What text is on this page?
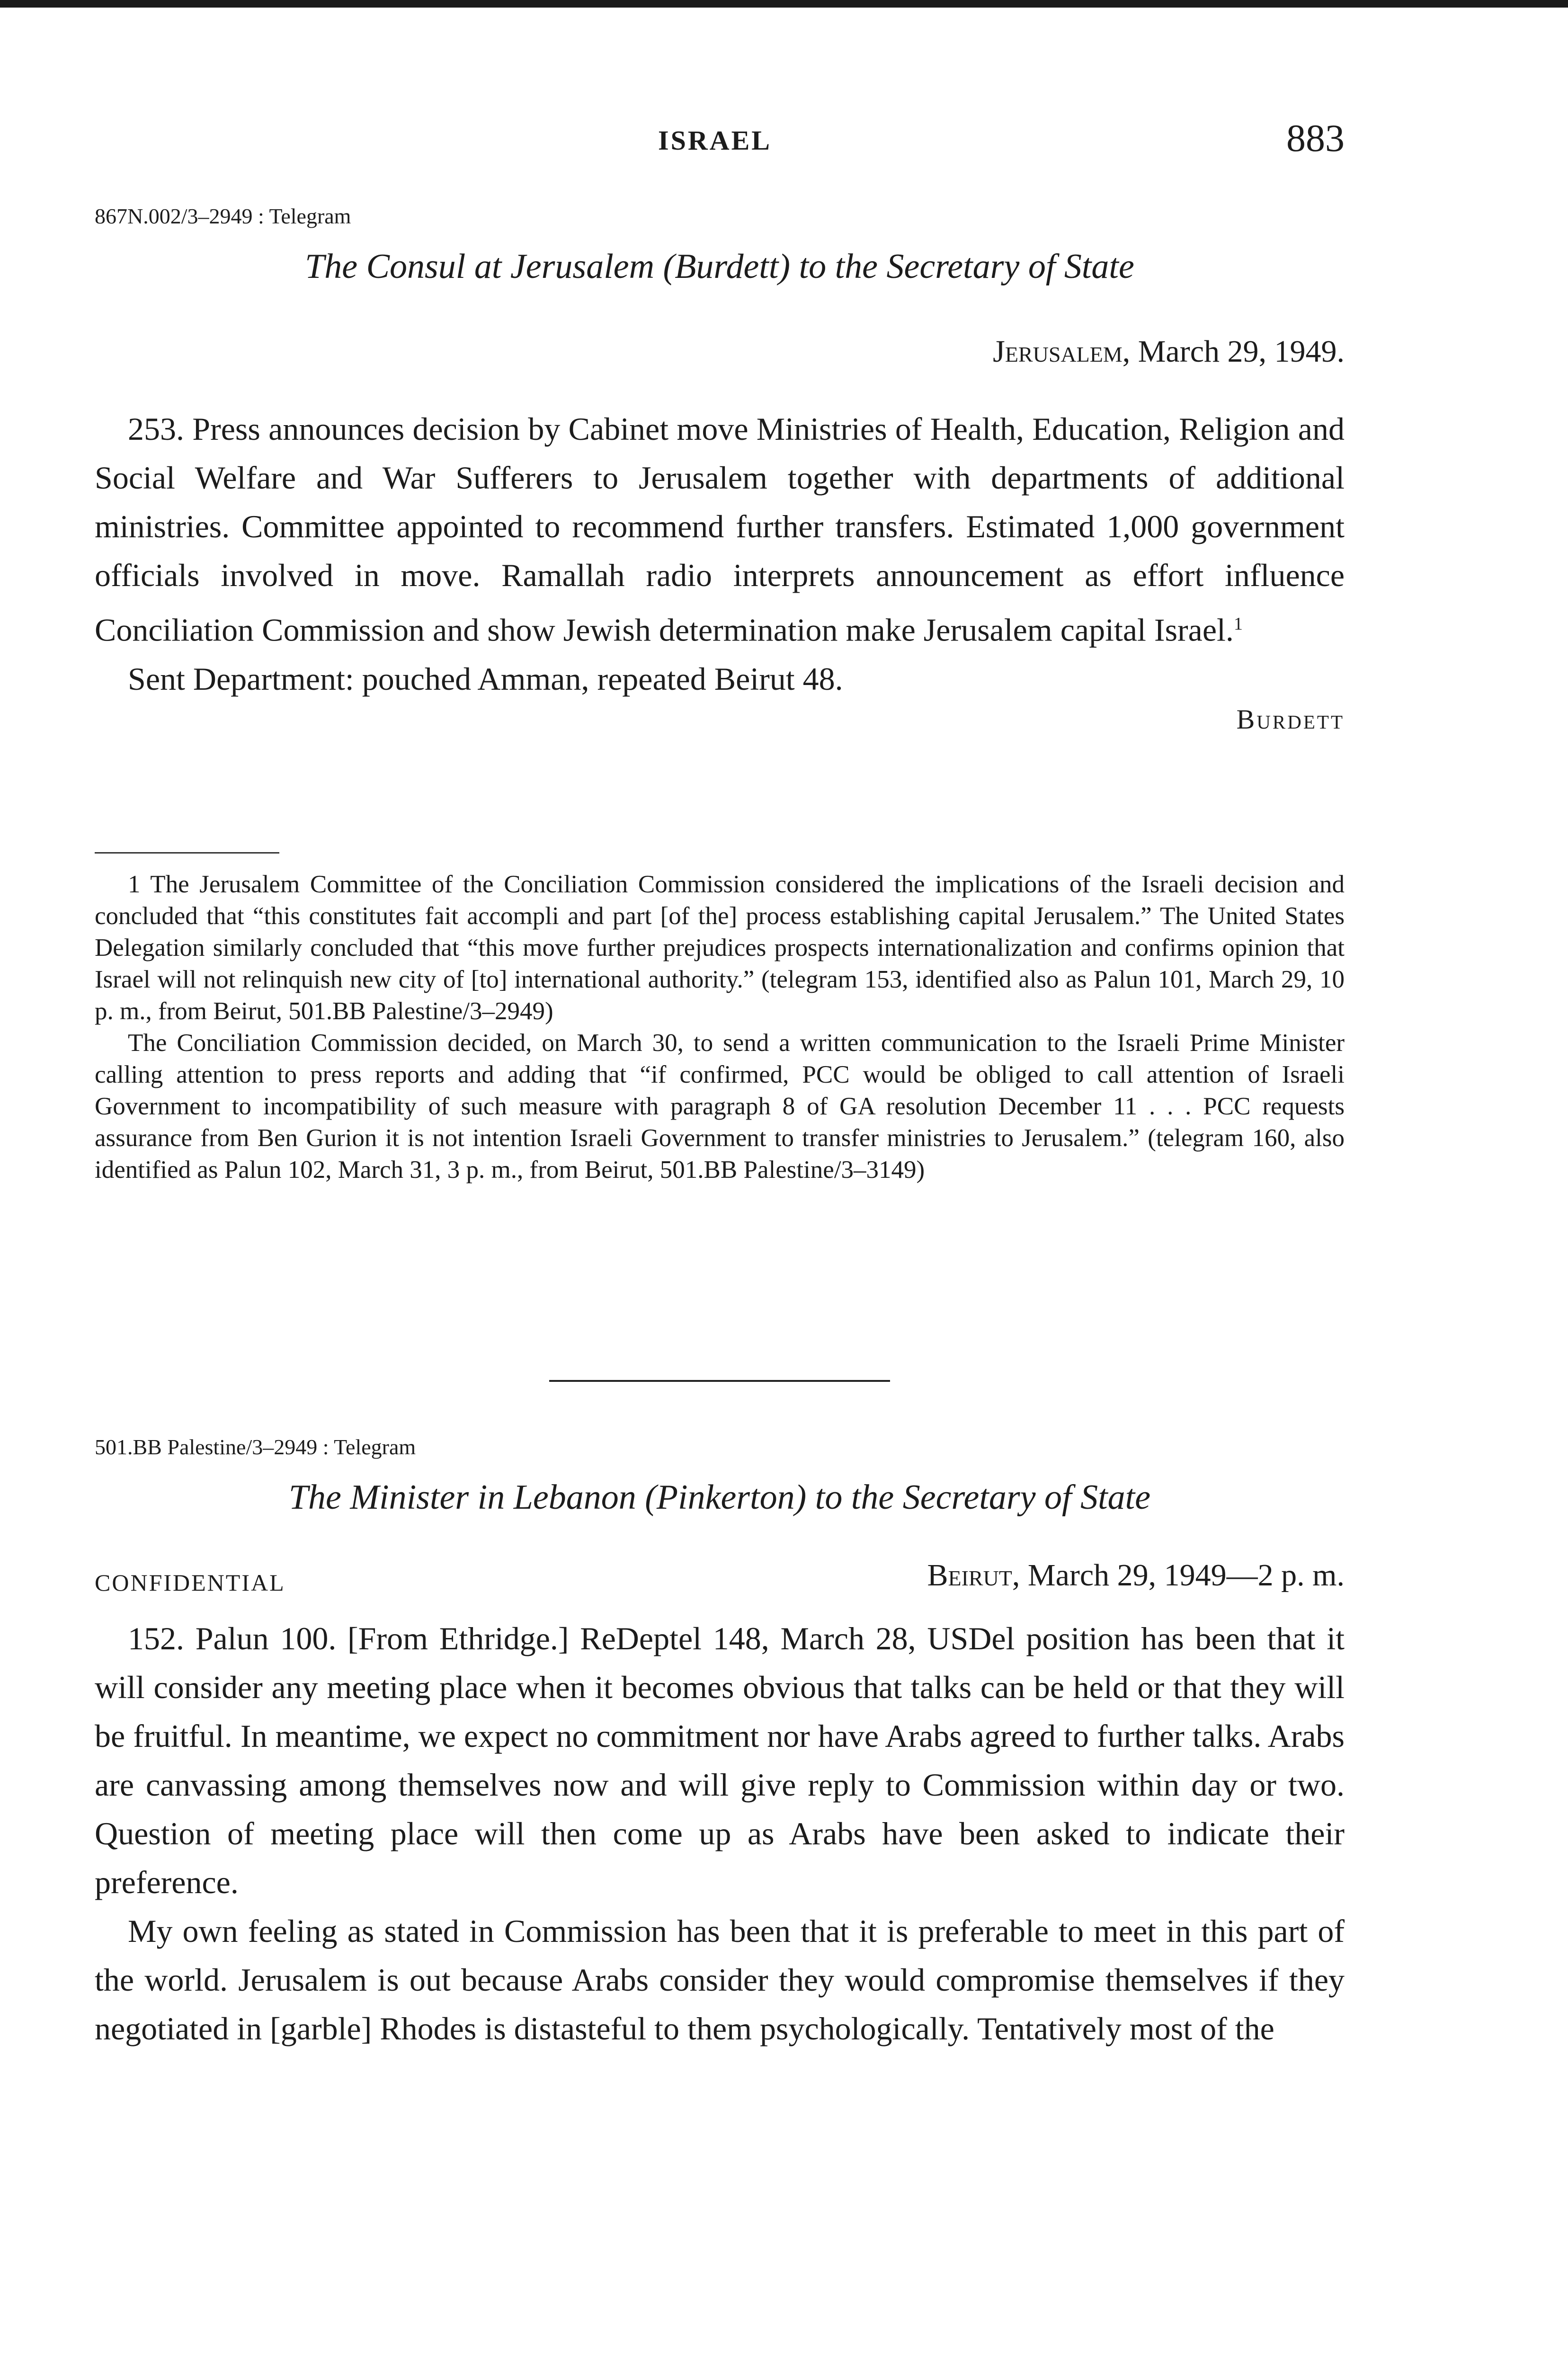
ISRAEL	883

867N.002/3–2949 : Telegram

The Consul at Jerusalem (Burdett) to the Secretary of State

Jerusalem, March 29, 1949.

253. Press announces decision by Cabinet move Ministries of Health, Education, Religion and Social Welfare and War Sufferers to Jerusalem together with departments of additional ministries. Committee appointed to recommend further transfers. Estimated 1,000 government officials involved in move. Ramallah radio interprets announcement as effort influence Conciliation Commission and show Jewish determination make Jerusalem capital Israel.$^1$

Sent Department: pouched Amman, repeated Beirut 48.

Burdett

1 The Jerusalem Committee of the Conciliation Commission considered the implications of the Israeli decision and concluded that “this constitutes fait accompli and part [of the] process establishing capital Jerusalem.” The United States Delegation similarly concluded that “this move further prejudices prospects internationalization and confirms opinion that Israel will not relinquish new city of [to] international authority.” (telegram 153, identified also as Palun 101, March 29, 10 p. m., from Beirut, 501.BB Palestine/3–2949)

The Conciliation Commission decided, on March 30, to send a written communication to the Israeli Prime Minister calling attention to press reports and adding that “if confirmed, PCC would be obliged to call attention of Israeli Government to incompatibility of such measure with paragraph 8 of GA resolution December 11 . . . PCC requests assurance from Ben Gurion it is not intention Israeli Government to transfer ministries to Jerusalem.” (telegram 160, also identified as Palun 102, March 31, 3 p. m., from Beirut, 501.BB Palestine/3–3149)

501.BB Palestine/3–2949 : Telegram

The Minister in Lebanon (Pinkerton) to the Secretary of State

CONFIDENTIAL	Beirut, March 29, 1949—2 p. m.

152. Palun 100. [From Ethridge.] ReDeptel 148, March 28, USDel position has been that it will consider any meeting place when it becomes obvious that talks can be held or that they will be fruitful. In meantime, we expect no commitment nor have Arabs agreed to further talks. Arabs are canvassing among themselves now and will give reply to Commission within day or two. Question of meeting place will then come up as Arabs have been asked to indicate their preference.

My own feeling as stated in Commission has been that it is preferable to meet in this part of the world. Jerusalem is out because Arabs consider they would compromise themselves if they negotiated in [garble] Rhodes is distasteful to them psychologically. Tentatively most of the
